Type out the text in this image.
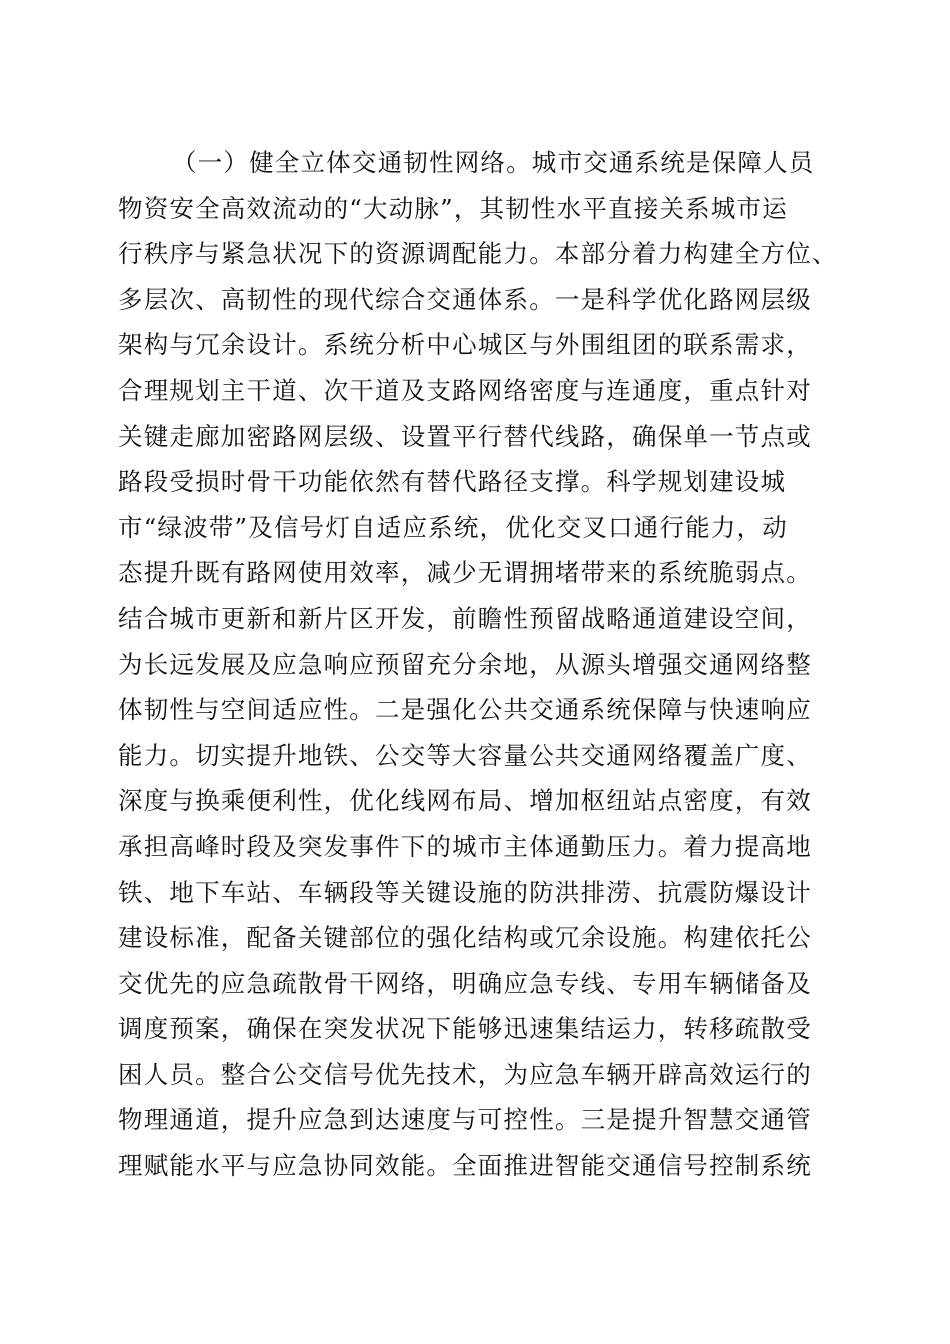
（一）健全立体交通韧性网络。城市交通系统是保障人员
物资安全高效流动的“大动脉”，其韧性水平直接关系城市运
行秩序与紧急状况下的资源调配能力。本部分着力构建全方位、
多层次、高韧性的现代综合交通体系。一是科学优化路网层级
架构与冗余设计。系统分析中心城区与外围组团的联系需求，
合理规划主干道、次干道及支路网络密度与连通度，重点针对
关键走廊加密路网层级、设置平行替代线路，确保单一节点或
路段受损时骨干功能依然有替代路径支撑。科学规划建设城
市“绿波带”及信号灯自适应系统，优化交叉口通行能力，动
态提升既有路网使用效率，减少无谓拥堵带来的系统脆弱点。
结合城市更新和新片区开发，前瞻性预留战略通道建设空间，
为长远发展及应急响应预留充分余地，从源头增强交通网络整
体韧性与空间适应性。二是强化公共交通系统保障与快速响应
能力。切实提升地铁、公交等大容量公共交通网络覆盖广度、
深度与换乘便利性，优化线网布局、增加枢纽站点密度，有效
承担高峰时段及突发事件下的城市主体通勤压力。着力提高地
铁、地下车站、车辆段等关键设施的防洪排涝、抗震防爆设计
建设标准，配备关键部位的强化结构或冗余设施。构建依托公
交优先的应急疏散骨干网络，明确应急专线、专用车辆储备及
调度预案，确保在突发状况下能够迅速集结运力，转移疏散受
困人员。整合公交信号优先技术，为应急车辆开辟高效运行的
物理通道，提升应急到达速度与可控性。三是提升智慧交通管
理赋能水平与应急协同效能。全面推进智能交通信号控制系统
